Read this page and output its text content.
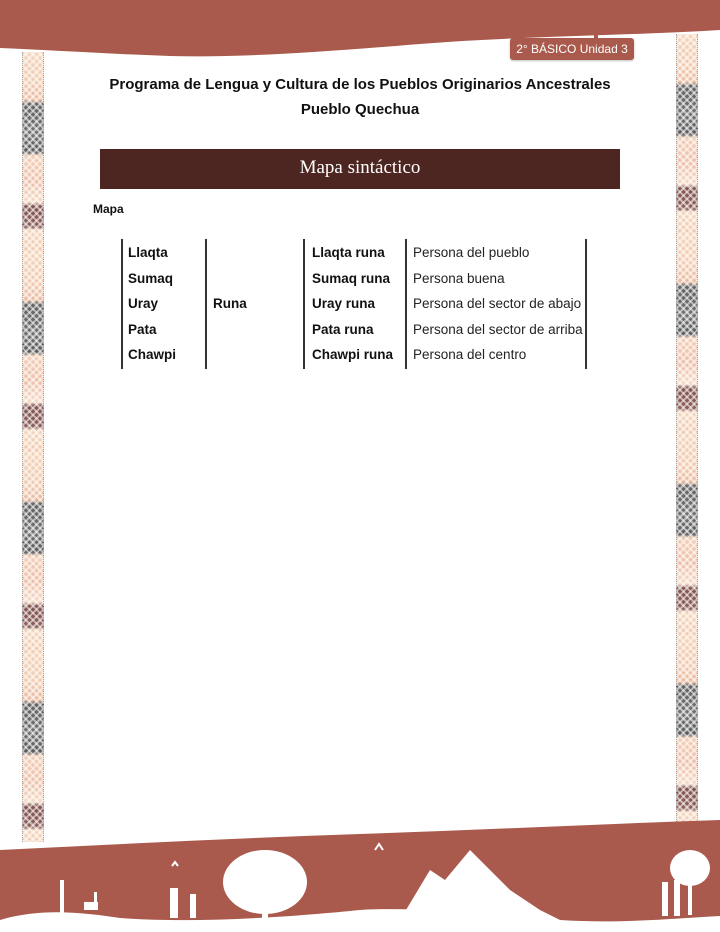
2° BÁSICO Unidad 3
Programa de Lengua y Cultura de los Pueblos Originarios Ancestrales
Pueblo Quechua
Mapa sintáctico
Mapa
Llaqta
Sumaq
Uray
Pata
Chawpi
Runa
Llaqta runa
Sumaq runa
Uray runa
Pata runa
Chawpi runa
Persona del pueblo
Persona buena
Persona del sector de abajo
Persona del sector de arriba
Persona del centro
